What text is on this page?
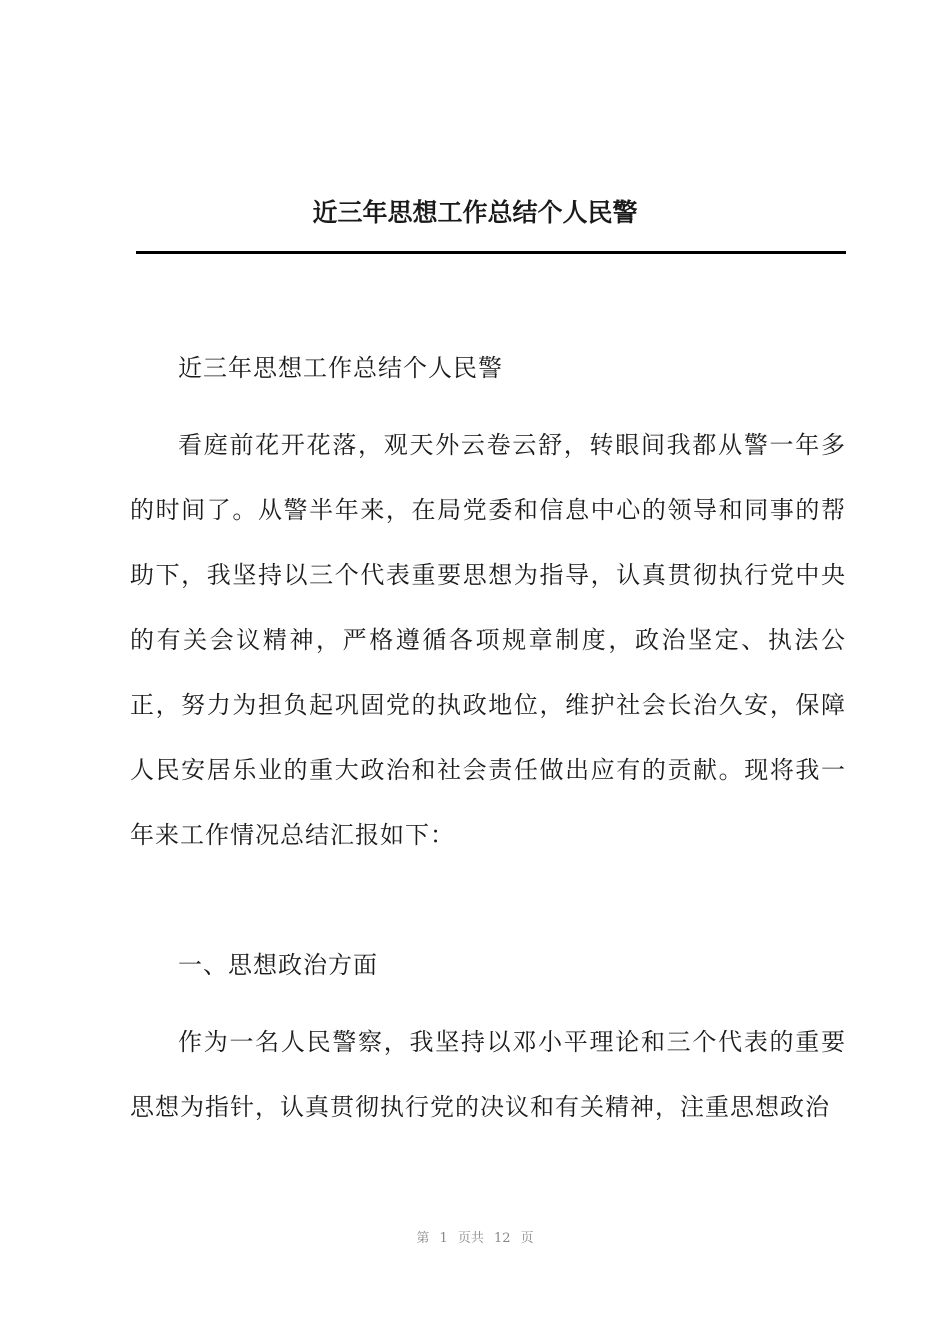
近三年思想工作总结个人民警

近三年思想工作总结个人民警

看庭前花开花落，观天外云卷云舒，转眼间我都从警一年多的时间了。从警半年来，在局党委和信息中心的领导和同事的帮助下，我坚持以三个代表重要思想为指导，认真贯彻执行党中央的有关会议精神，严格遵循各项规章制度，政治坚定、执法公正，努力为担负起巩固党的执政地位，维护社会长治久安，保障人民安居乐业的重大政治和社会责任做出应有的贡献。现将我一年来工作情况总结汇报如下：

一、思想政治方面

作为一名人民警察，我坚持以邓小平理论和三个代表的重要思想为指针，认真贯彻执行党的决议和有关精神，注重思想政治

第 1 页共 12 页
